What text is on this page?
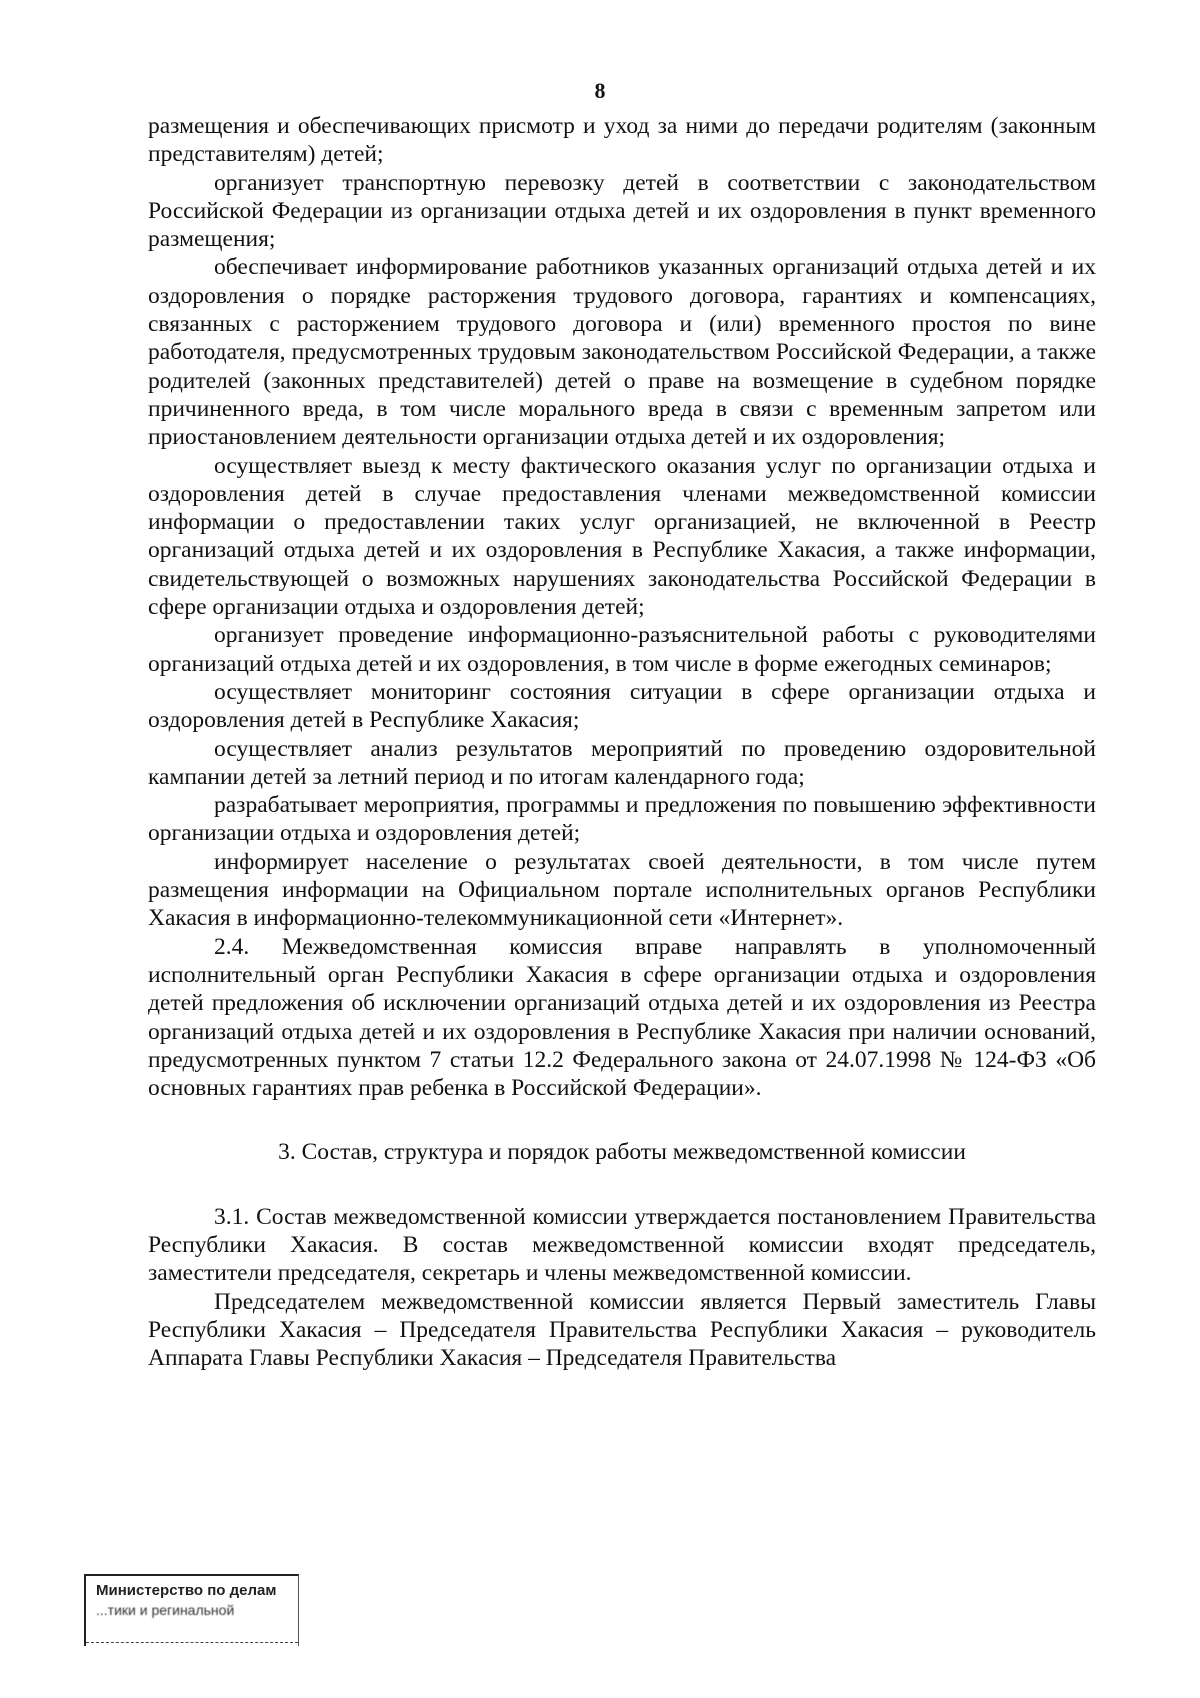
8

размещения и обеспечивающих присмотр и уход за ними до передачи родителям (законным представителям) детей;

организует транспортную перевозку детей в соответствии с законодательством Российской Федерации из организации отдыха детей и их оздоровления в пункт временного размещения;

обеспечивает информирование работников указанных организаций отдыха детей и их оздоровления о порядке расторжения трудового договора, гарантиях и компенсациях, связанных с расторжением трудового договора и (или) временного простоя по вине работодателя, предусмотренных трудовым законодательством Российской Федерации, а также родителей (законных представителей) детей о праве на возмещение в судебном порядке причиненного вреда, в том числе морального вреда в связи с временным запретом или приостановлением деятельности организации отдыха детей и их оздоровления;

осуществляет выезд к месту фактического оказания услуг по организации отдыха и оздоровления детей в случае предоставления членами межведомственной комиссии информации о предоставлении таких услуг организацией, не включенной в Реестр организаций отдыха детей и их оздоровления в Республике Хакасия, а также информации, свидетельствующей о возможных нарушениях законодательства Российской Федерации в сфере организации отдыха и оздоровления детей;

организует проведение информационно-разъяснительной работы с руководителями организаций отдыха детей и их оздоровления, в том числе в форме ежегодных семинаров;

осуществляет мониторинг состояния ситуации в сфере организации отдыха и оздоровления детей в Республике Хакасия;

осуществляет анализ результатов мероприятий по проведению оздоровительной кампании детей за летний период и по итогам календарного года;

разрабатывает мероприятия, программы и предложения по повышению эффективности организации отдыха и оздоровления детей;

информирует население о результатах своей деятельности, в том числе путем размещения информации на Официальном портале исполнительных органов Республики Хакасия в информационно-телекоммуникационной сети «Интернет».

2.4. Межведомственная комиссия вправе направлять в уполномоченный исполнительный орган Республики Хакасия в сфере организации отдыха и оздоровления детей предложения об исключении организаций отдыха детей и их оздоровления из Реестра организаций отдыха детей и их оздоровления в Республике Хакасия при наличии оснований, предусмотренных пунктом 7 статьи 12.2 Федерального закона от 24.07.1998 № 124-ФЗ «Об основных гарантиях прав ребенка в Российской Федерации».

3. Состав, структура и порядок работы межведомственной комиссии

3.1. Состав межведомственной комиссии утверждается постановлением Правительства Республики Хакасия. В состав межведомственной комиссии входят председатель, заместители председателя, секретарь и члены межведомственной комиссии.

Председателем межведомственной комиссии является Первый заместитель Главы Республики Хакасия – Председателя Правительства Республики Хакасия – руководитель Аппарата Главы Республики Хакасия – Председателя Правительства

Министерство по делам
...тики и регинальной
